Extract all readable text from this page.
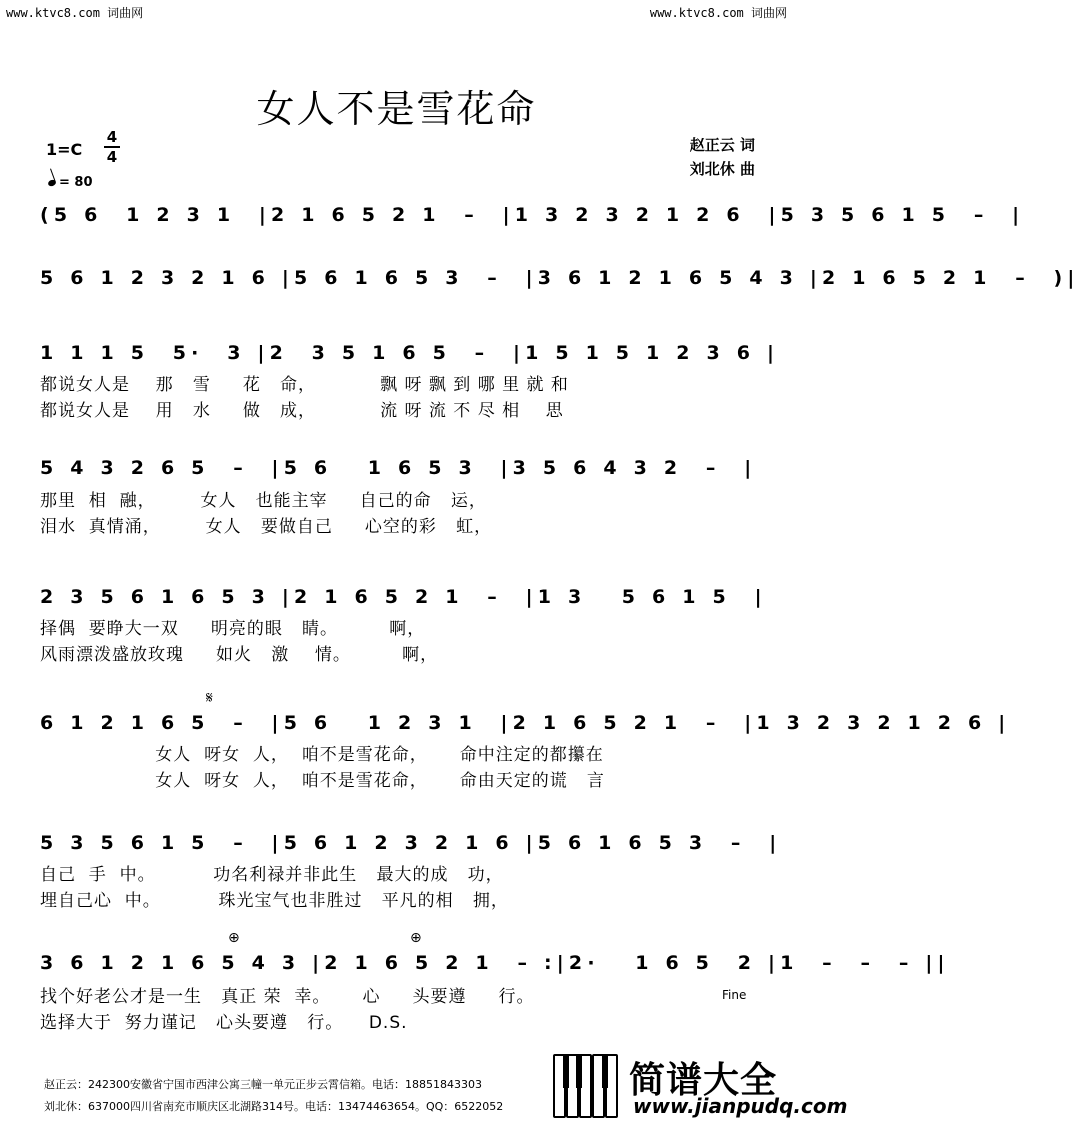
www.ktvc8.com 词曲网	www.ktvc8.com 词曲网
女人不是雪花命
赵正云 词
刘北休 曲
1=C
4
4
= 80
(5 6  1 2 3 1  |2 1 6 5 2 1  –  |1 3 2 3 2 1 2 6  |5 3 5 6 1 5  –  |
5 6 1 2 3 2 1 6 |5 6 1 6 5 3  –  |3 6 1 2 1 6 5 4 3 |2 1 6 5 2 1  –  )|
1 1 1 5  5·  3 |2  3 5 1 6 5  –  |1 5 1 5 1 2 3 6 |
都说女人是    那   雪     花   命，          飘 呀 飘 到 哪 里 就 和
都说女人是    用   水     做   成，          流 呀 流 不 尽 相    思
5 4 3 2 6 5  –  |5 6   1 6 5 3  |3 5 6 4 3 2  –  |
那里  相  融，       女人   也能主宰     自己的命   运，
泪水  真情涌，       女人   要做自己     心空的彩   虹，
2 3 5 6 1 6 5 3 |2 1 6 5 2 1  –  |1 3   5 6 1 5  |
择偶  要睁大一双     明亮的眼   睛。        啊，
风雨漂泼盛放玫瑰     如火   激    情。        啊，
𝄋
6 1 2 1 6 5  –  |5 6   1 2 3 1  |2 1 6 5 2 1  –  |1 3 2 3 2 1 2 6 |
女人  呀女  人，  咱不是雪花命，     命中注定的都攥在
女人  呀女  人，  咱不是雪花命，     命由天定的谎   言
5 3 5 6 1 5  –  |5 6 1 2 3 2 1 6 |5 6 1 6 5 3  –  |
自己  手  中。         功名利禄并非此生   最大的成   功，
埋自己心  中。         珠光宝气也非胜过   平凡的相   拥，
⊕	⊕
3 6 1 2 1 6 5 4 3 |2 1 6 5 2 1  – :|2·   1 6 5  2 |1  –  –  – ||
找个好老公才是一生   真正 荣  幸。     心     头要遵     行。
选择大于  努力谨记   心头要遵   行。    D.S.
Fine
赵正云：242300安徽省宁国市西津公寓三幢一单元正步云霄信箱。电话：18851843303
刘北休：637000四川省南充市顺庆区北湖路314号。电话：13474463654。QQ：6522052
简谱大全
www.jianpudq.com
